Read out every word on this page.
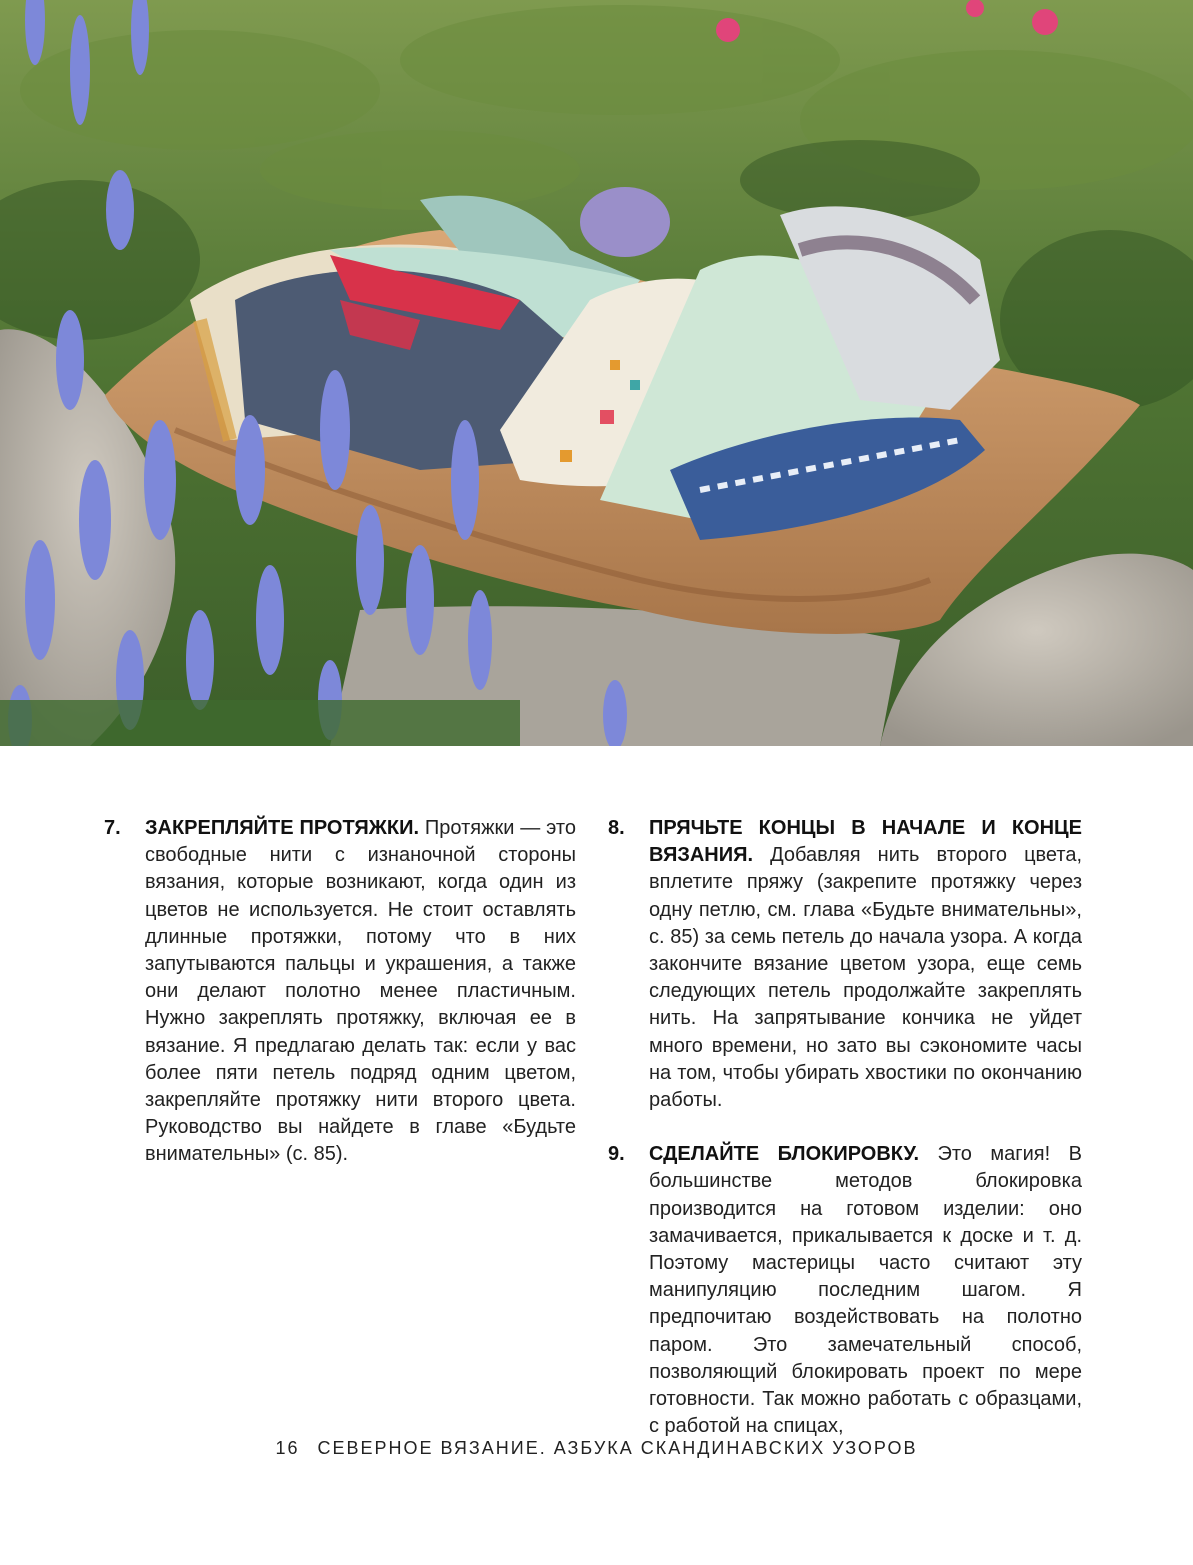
7. ЗАКРЕПЛЯЙТЕ ПРОТЯЖКИ. Протяжки — это свободные нити с изнаночной стороны вязания, которые возникают, когда один из цветов не используется. Не стоит оставлять длинные протяжки, потому что в них запутываются пальцы и украшения, а также они делают полотно менее пластичным. Нужно закреплять протяжку, включая ее в вязание. Я предлагаю делать так: если у вас более пяти петель подряд одним цветом, закрепляйте протяжку нити второго цвета. Руководство вы найдете в главе «Будьте внимательны» (с. 85).
8. ПРЯЧЬТЕ КОНЦЫ В НАЧАЛЕ И КОНЦЕ ВЯЗАНИЯ. Добавляя нить второго цвета, вплетите пряжу (закрепите протяжку через одну петлю, см. глава «Будьте внимательны», с. 85) за семь петель до начала узора. А когда закончите вязание цветом узора, еще семь следующих петель продолжайте закреплять нить. На запрятывание кончика не уйдет много времени, но зато вы сэкономите часы на том, чтобы убирать хвостики по окончанию работы.
9. СДЕЛАЙТЕ БЛОКИРОВКУ. Это магия! В большинстве методов блокировка производится на готовом изделии: оно замачивается, прикалывается к доске и т. д. Поэтому мастерицы часто считают эту манипуляцию последним шагом. Я предпочитаю воздействовать на полотно паром. Это замечательный способ, позволяющий блокировать проект по мере готовности. Так можно работать с образцами, с работой на спицах,
16 СЕВЕРНОЕ ВЯЗАНИЕ. АЗБУКА СКАНДИНАВСКИХ УЗОРОВ
